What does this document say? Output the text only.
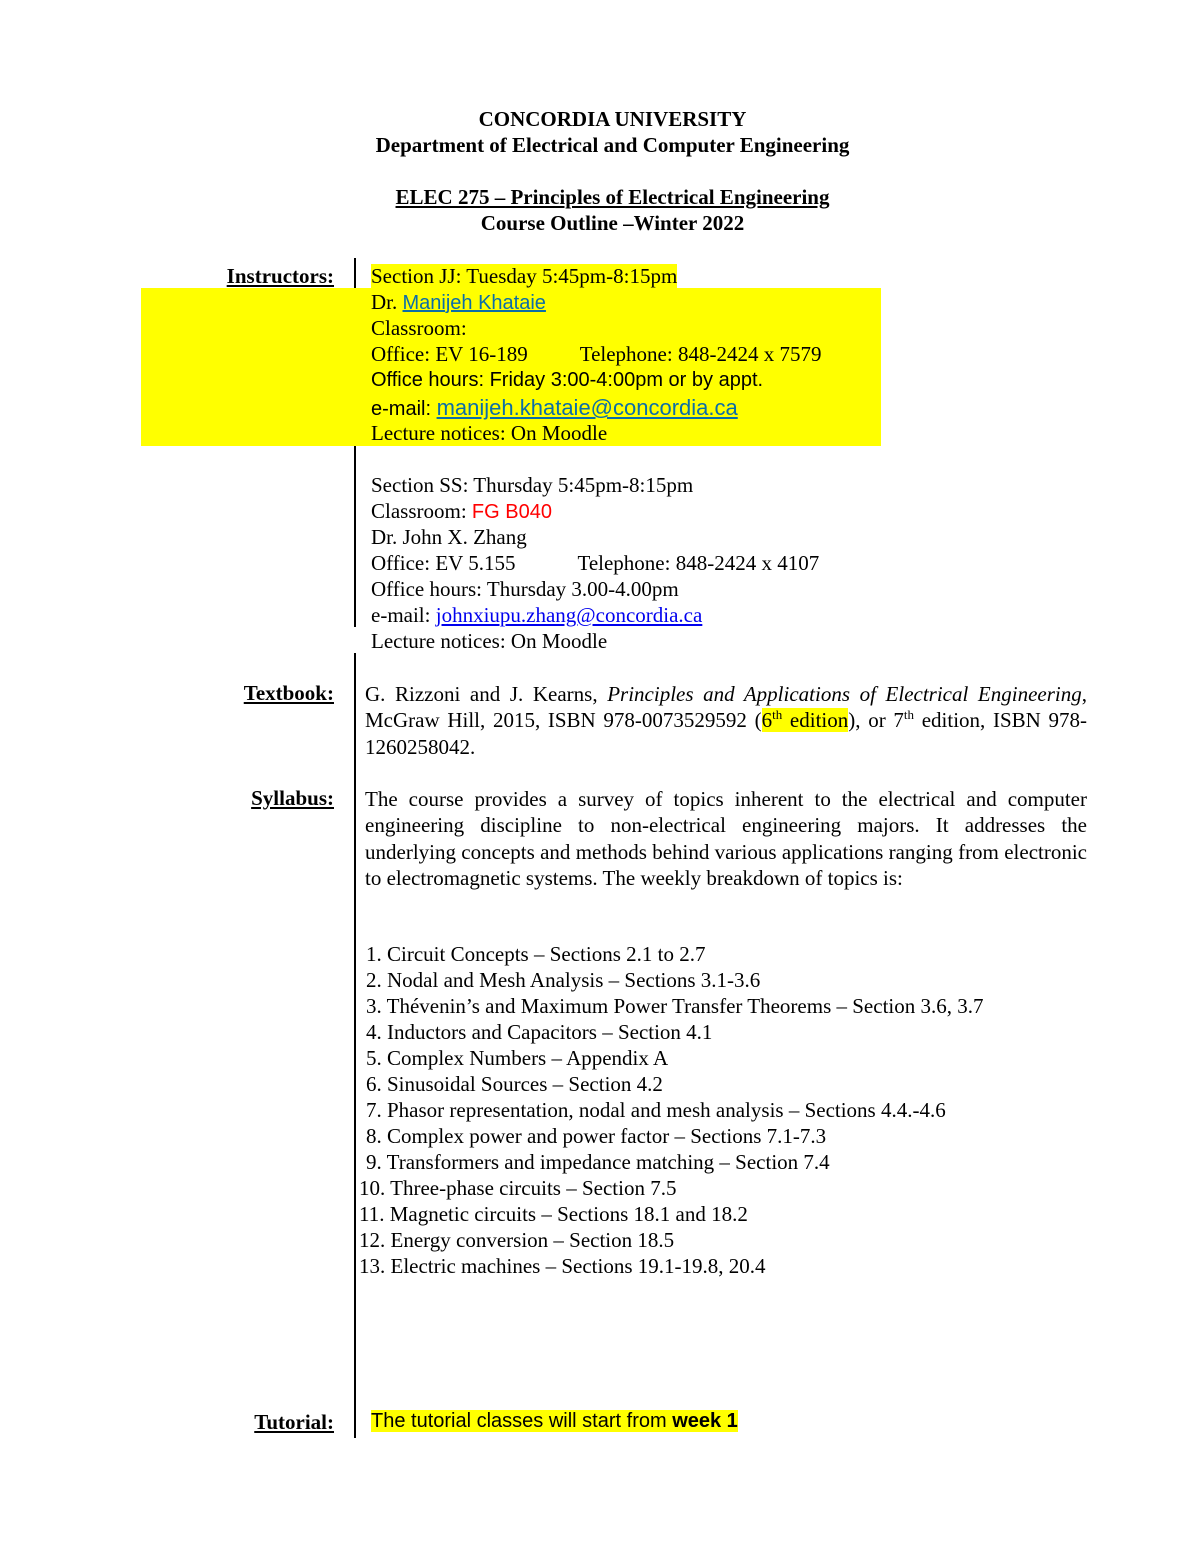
CONCORDIA UNIVERSITY
Department of Electrical and Computer Engineering
ELEC 275 – Principles of Electrical Engineering
Course Outline –Winter 2022
Instructors: Section JJ: Tuesday 5:45pm-8:15pm
Dr. Manijeh Khataie
Classroom:
Office: EV 16-189 Telephone: 848-2424 x 7579
Office hours: Friday 3:00-4:00pm or by appt.
e-mail: manijeh.khataie@concordia.ca
Lecture notices: On Moodle
Section SS: Thursday 5:45pm-8:15pm
Classroom: FG B040
Dr. John X. Zhang
Office: EV 5.155	Telephone: 848-2424 x 4107
Office hours: Thursday 3.00-4.00pm
e-mail: johnxiupu.zhang@concordia.ca
Lecture notices: On Moodle
Textbook: G. Rizzoni and J. Kearns, Principles and Applications of Electrical Engineering, McGraw Hill, 2015, ISBN 978-0073529592 (6th edition), or 7th edition, ISBN 978-1260258042.
Syllabus: The course provides a survey of topics inherent to the electrical and computer engineering discipline to non-electrical engineering majors. It addresses the underlying concepts and methods behind various applications ranging from electronic to electromagnetic systems. The weekly breakdown of topics is:
1. Circuit Concepts – Sections 2.1 to 2.7
2. Nodal and Mesh Analysis – Sections 3.1-3.6
3. Thévenin’s and Maximum Power Transfer Theorems – Section 3.6, 3.7
4. Inductors and Capacitors – Section 4.1
5. Complex Numbers – Appendix A
6. Sinusoidal Sources – Section 4.2
7. Phasor representation, nodal and mesh analysis – Sections 4.4.-4.6
8. Complex power and power factor – Sections 7.1-7.3
9. Transformers and impedance matching – Section 7.4
10. Three-phase circuits – Section 7.5
11. Magnetic circuits – Sections 18.1 and 18.2
12. Energy conversion – Section 18.5
13. Electric machines – Sections 19.1-19.8, 20.4
Tutorial: The tutorial classes will start from week 1
